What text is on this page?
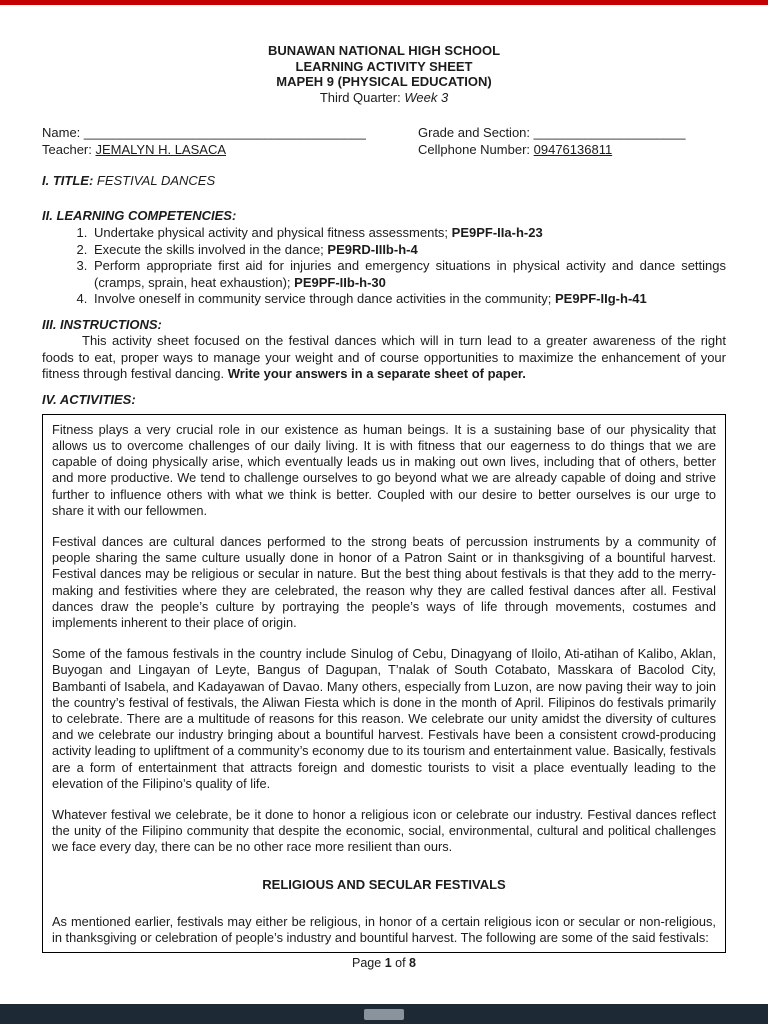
BUNAWAN NATIONAL HIGH SCHOOL
LEARNING ACTIVITY SHEET
MAPEH 9 (PHYSICAL EDUCATION)
Third Quarter: Week 3
Name: _______________________________________	Grade and Section: _____________________
Teacher: JEMALYN H. LASACA	Cellphone Number: 09476136811
I. TITLE: FESTIVAL DANCES
II. LEARNING COMPETENCIES:
1. Undertake physical activity and physical fitness assessments; PE9PF-IIa-h-23
2. Execute the skills involved in the dance; PE9RD-IIIb-h-4
3. Perform appropriate first aid for injuries and emergency situations in physical activity and dance settings (cramps, sprain, heat exhaustion); PE9PF-IIb-h-30
4. Involve oneself in community service through dance activities in the community; PE9PF-IIg-h-41
III. INSTRUCTIONS:
This activity sheet focused on the festival dances which will in turn lead to a greater awareness of the right foods to eat, proper ways to manage your weight and of course opportunities to maximize the enhancement of your fitness through festival dancing. Write your answers in a separate sheet of paper.
IV. ACTIVITIES:

Fitness plays a very crucial role in our existence as human beings. It is a sustaining base of our physicality that allows us to overcome challenges of our daily living. It is with fitness that our eagerness to do things that we are capable of doing physically arise, which eventually leads us in making out own lives, including that of others, better and more productive. We tend to challenge ourselves to go beyond what we are already capable of doing and strive further to influence others with what we think is better. Coupled with our desire to better ourselves is our urge to share it with our fellowmen.

Festival dances are cultural dances performed to the strong beats of percussion instruments by a community of people sharing the same culture usually done in honor of a Patron Saint or in thanksgiving of a bountiful harvest. Festival dances may be religious or secular in nature. But the best thing about festivals is that they add to the merry-making and festivities where they are celebrated, the reason why they are called festival dances after all. Festival dances draw the people’s culture by portraying the people’s ways of life through movements, costumes and implements inherent to their place of origin.

Some of the famous festivals in the country include Sinulog of Cebu, Dinagyang of Iloilo, Ati-atihan of Kalibo, Aklan, Buyogan and Lingayan of Leyte, Bangus of Dagupan, T’nalak of South Cotabato, Masskara of Bacolod City, Bambanti of Isabela, and Kadayawan of Davao. Many others, especially from Luzon, are now paving their way to join the country’s festival of festivals, the Aliwan Fiesta which is done in the month of April. Filipinos do festivals primarily to celebrate. There are a multitude of reasons for this reason. We celebrate our unity amidst the diversity of cultures and we celebrate our industry bringing about a bountiful harvest. Festivals have been a consistent crowd-producing activity leading to upliftment of a community’s economy due to its tourism and entertainment value. Basically, festivals are a form of entertainment that attracts foreign and domestic tourists to visit a place eventually leading to the elevation of the Filipino’s quality of life.

Whatever festival we celebrate, be it done to honor a religious icon or celebrate our industry. Festival dances reflect the unity of the Filipino community that despite the economic, social, environmental, cultural and political challenges we face every day, there can be no other race more resilient than ours.

RELIGIOUS AND SECULAR FESTIVALS

As mentioned earlier, festivals may either be religious, in honor of a certain religious icon or secular or non-religious, in thanksgiving or celebration of people’s industry and bountiful harvest. The following are some of the said festivals:

Page 1 of 8
